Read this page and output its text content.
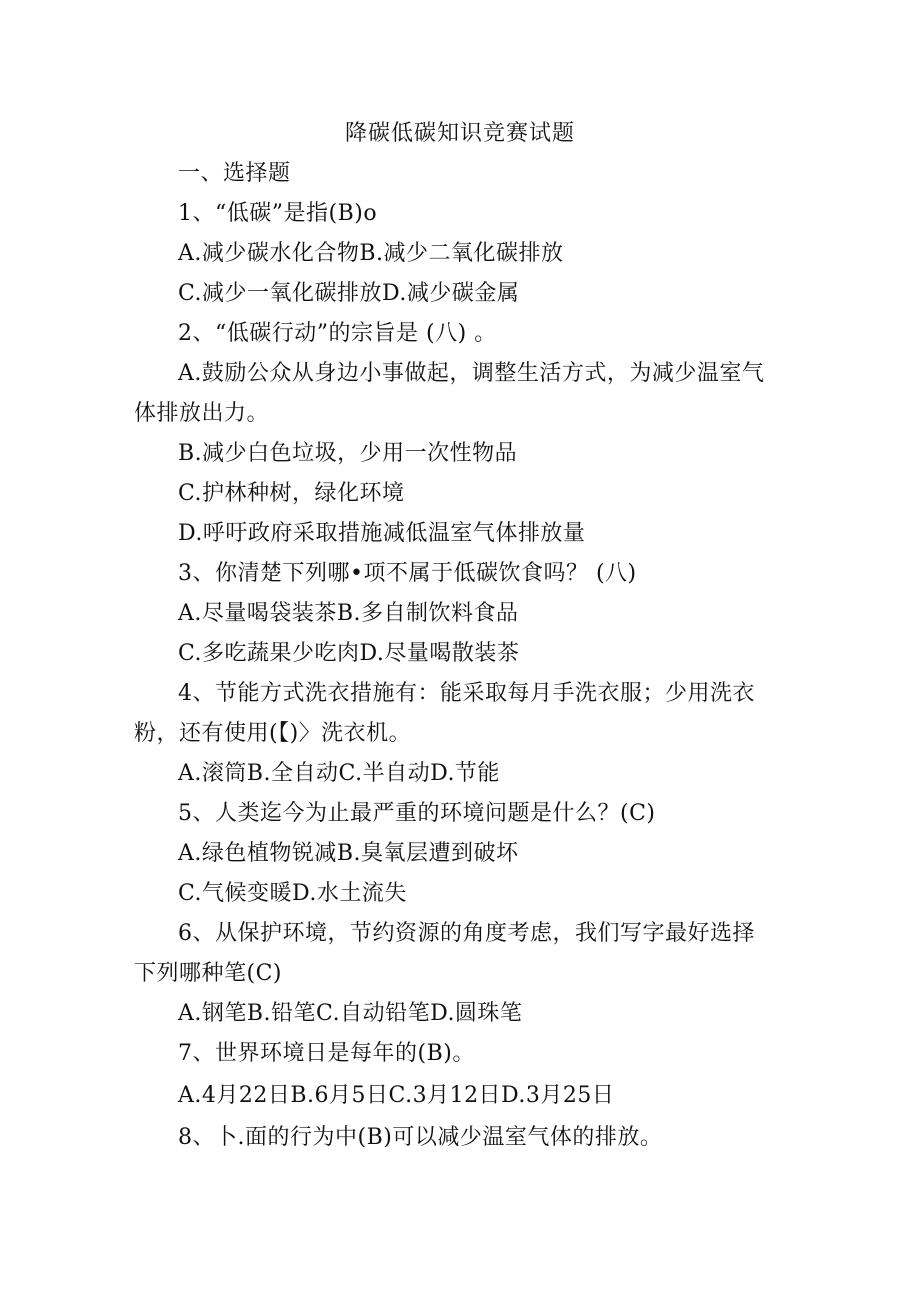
降碳低碳知识竞赛试题
一、选择题
1、“低碳”是指(B)o
A.减少碳水化合物B.减少二氧化碳排放
C.减少一氧化碳排放D.减少碳金属
2、“低碳行动”的宗旨是 (八) 。
A.鼓励公众从身边小事做起，调整生活方式，为减少温室气
体排放出力。
B.减少白色垃圾，少用一次性物品
C.护林种树，绿化环境
D.呼吁政府采取措施减低温室气体排放量
3、你清楚下列哪•项不属于低碳饮食吗？ (八)
A.尽量喝袋装茶B.多自制饮料食品
C.多吃蔬果少吃肉D.尽量喝散装茶
4、节能方式洗衣措施有：能采取每月手洗衣服；少用洗衣
粉，还有使用(【)〉洗衣机。
A.滚筒B.全自动C.半自动D.节能
5、人类迄今为止最严重的环境问题是什么？(C)
A.绿色植物锐减B.臭氧层遭到破坏
C.气候变暖D.水土流失
6、从保护环境，节约资源的角度考虑，我们写字最好选择
下列哪种笔(C)
A.钢笔B.铅笔C.自动铅笔D.圆珠笔
7、世界环境日是每年的(B)。
A.4月22日B.6月5日C.3月12日D.3月25日
8、卜.面的行为中(B)可以减少温室气体的排放。
